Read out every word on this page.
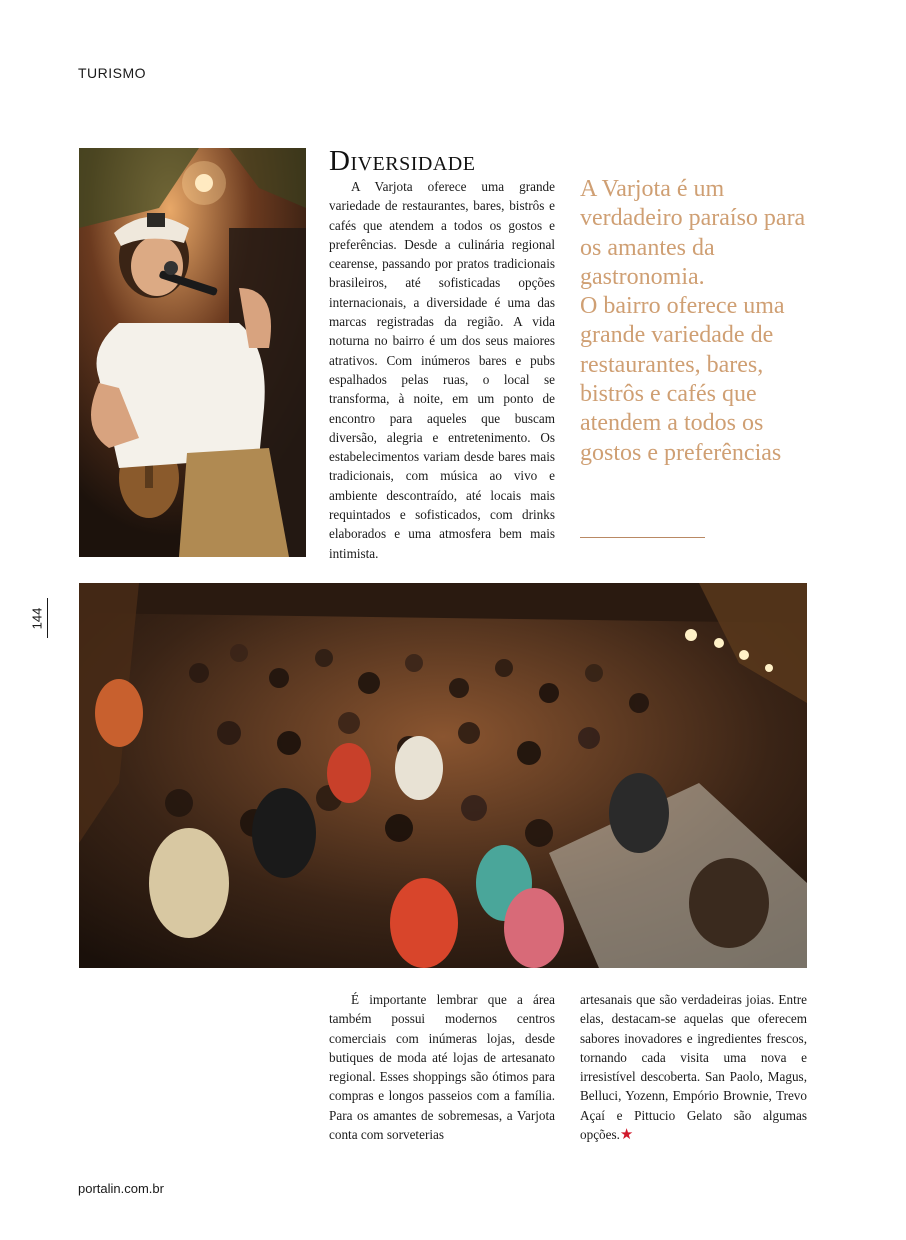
TURISMO
144
Diversidade

A Varjota oferece uma grande variedade de restaurantes, bares, bistrôs e cafés que atendem a todos os gostos e preferências. Desde a culinária regional cearense, passando por pratos tradicionais brasileiros, até sofisticadas opções internacionais, a diversidade é uma das marcas registradas da região. A vida noturna no bairro é um dos seus maiores atrativos. Com inúmeros bares e pubs espalhados pelas ruas, o local se transforma, à noite, em um ponto de encontro para aqueles que buscam diversão, alegria e entretenimento. Os estabelecimentos variam desde bares mais tradicionais, com música ao vivo e ambiente descontraído, até locais mais requintados e sofisticados, com drinks elaborados e uma atmosfera bem mais intimista.

A Varjota é um verdadeiro paraíso para os amantes da gastronomia.
O bairro oferece uma grande variedade de restaurantes, bares, bistrôs e cafés que atendem a todos os gostos e preferências

É importante lembrar que a área também possui modernos centros comerciais com inúmeras lojas, desde butiques de moda até lojas de artesanato regional. Esses shoppings são ótimos para compras e longos passeios com a família. Para os amantes de sobremesas, a Varjota conta com sorveterias

artesanais que são verdadeiras joias. Entre elas, destacam-se aquelas que oferecem sabores inovadores e ingredientes frescos, tornando cada visita uma nova e irresistível descoberta. San Paolo, Magus, Belluci, Yozenn, Empório Brownie, Trevo Açaí e Pittucio Gelato são algumas opções.★

portalin.com.br
